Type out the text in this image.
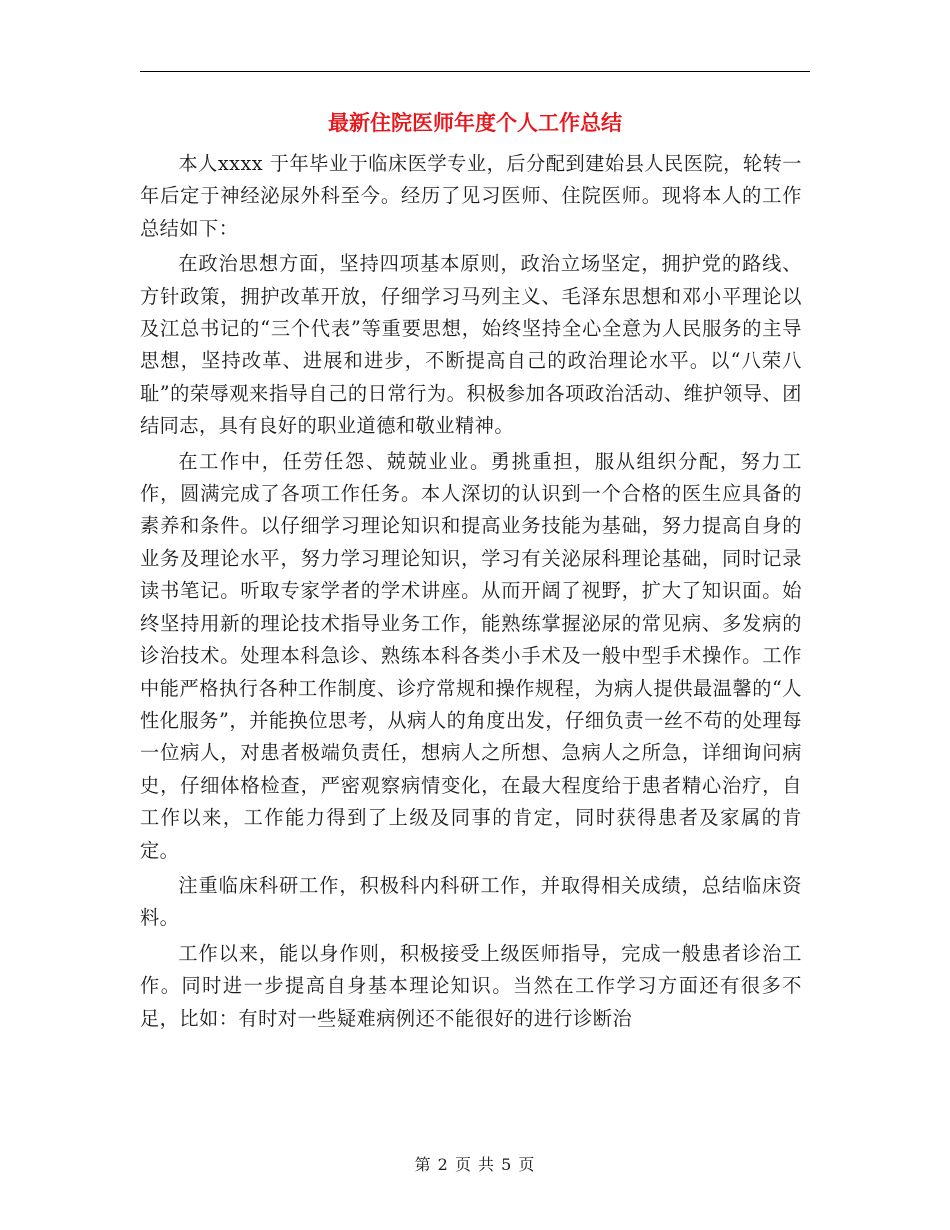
最新住院医师年度个人工作总结

本人xxxx 于年毕业于临床医学专业，后分配到建始县人民医院，轮转一年后定于神经泌尿外科至今。经历了见习医师、住院医师。现将本人的工作总结如下：

在政治思想方面，坚持四项基本原则，政治立场坚定，拥护党的路线、方针政策，拥护改革开放，仔细学习马列主义、毛泽东思想和邓小平理论以及江总书记的“三个代表”等重要思想，始终坚持全心全意为人民服务的主导思想，坚持改革、进展和进步，不断提高自己的政治理论水平。以“八荣八耻”的荣辱观来指导自己的日常行为。积极参加各项政治活动、维护领导、团结同志，具有良好的职业道德和敬业精神。

在工作中，任劳任怨、兢兢业业。勇挑重担，服从组织分配，努力工作，圆满完成了各项工作任务。本人深切的认识到一个合格的医生应具备的素养和条件。以仔细学习理论知识和提高业务技能为基础，努力提高自身的业务及理论水平，努力学习理论知识，学习有关泌尿科理论基础，同时记录读书笔记。听取专家学者的学术讲座。从而开阔了视野，扩大了知识面。始终坚持用新的理论技术指导业务工作，能熟练掌握泌尿的常见病、多发病的诊治技术。处理本科急诊、熟练本科各类小手术及一般中型手术操作。工作中能严格执行各种工作制度、诊疗常规和操作规程，为病人提供最温馨的“人性化服务”，并能换位思考，从病人的角度出发，仔细负责一丝不苟的处理每一位病人，对患者极端负责任，想病人之所想、急病人之所急，详细询问病史，仔细体格检查，严密观察病情变化，在最大程度给于患者精心治疗，自工作以来，工作能力得到了上级及同事的肯定，同时获得患者及家属的肯定。

注重临床科研工作，积极科内科研工作，并取得相关成绩，总结临床资料。

工作以来，能以身作则，积极接受上级医师指导，完成一般患者诊治工作。同时进一步提高自身基本理论知识。当然在工作学习方面还有很多不足，比如：有时对一些疑难病例还不能很好的进行诊断治

第 2 页 共 5 页
